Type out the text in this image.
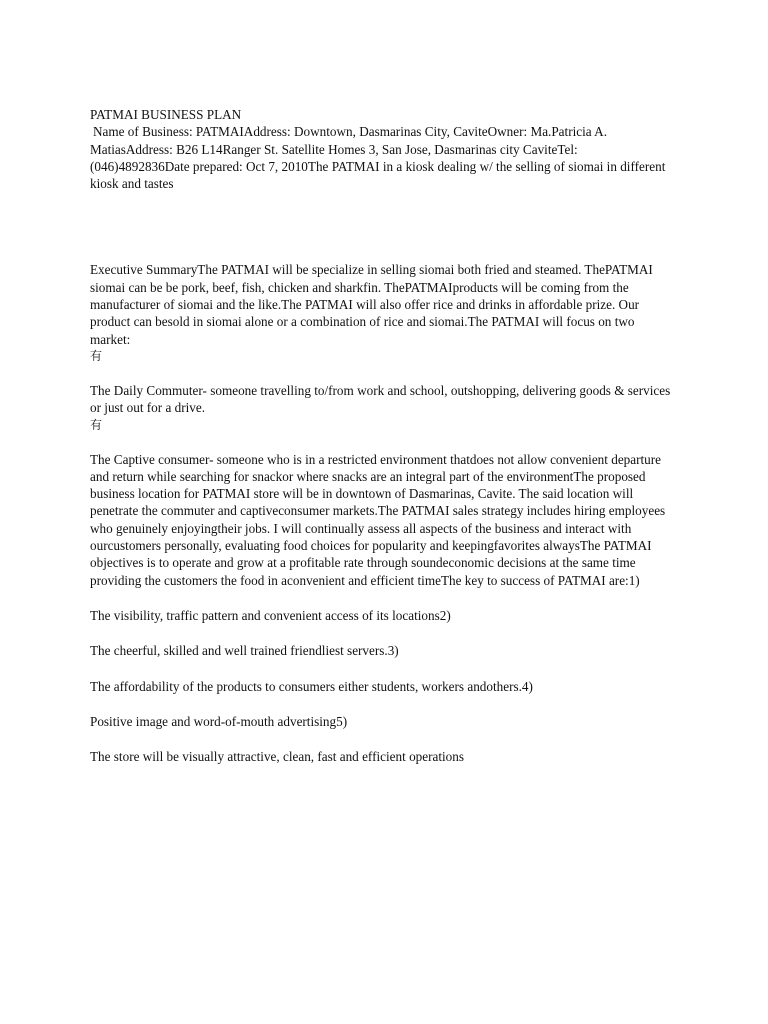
PATMAI BUSINESS PLAN

Name of Business: PATMAIAddress: Downtown, Dasmarinas City, CaviteOwner: Ma.Patricia A. MatiasAddress: B26 L14Ranger St. Satellite Homes 3, San Jose, Dasmarinas city CaviteTel: (046)4892836Date prepared: Oct 7, 2010The PATMAI in a kiosk dealing w/ the selling of siomai in different kiosk and tastes

Executive SummaryThe PATMAI will be specialize in selling siomai both fried and steamed. ThePATMAI siomai can be be pork, beef, fish, chicken and sharkfin. ThePATMAIproducts will be coming from the manufacturer of siomai and the like.The PATMAI will also offer rice and drinks in affordable prize. Our product can besold in siomai alone or a combination of rice and siomai.The PATMAI will focus on two market:

有

The Daily Commuter- someone travelling to/from work and school, outshopping, delivering goods & services or just out for a drive.

有

The Captive consumer- someone who is in a restricted environment thatdoes not allow convenient departure and return while searching for snackor where snacks are an integral part of the environmentThe proposed business location for PATMAI store will be in downtown of Dasmarinas, Cavite. The said location will penetrate the commuter and captiveconsumer markets.The PATMAI sales strategy includes hiring employees who genuinely enjoyingtheir jobs. I will continually assess all aspects of the business and interact with ourcustomers personally, evaluating food choices for popularity and keepingfavorites alwaysThe PATMAI objectives is to operate and grow at a profitable rate through soundeconomic decisions at the same time providing the customers the food in aconvenient and efficient timeThe key to success of PATMAI are:1)

The visibility, traffic pattern and convenient access of its locations2)

The cheerful, skilled and well trained friendliest servers.3)

The affordability of the products to consumers either students, workers andothers.4)

Positive image and word-of-mouth advertising5)

The store will be visually attractive, clean, fast and efficient operations
